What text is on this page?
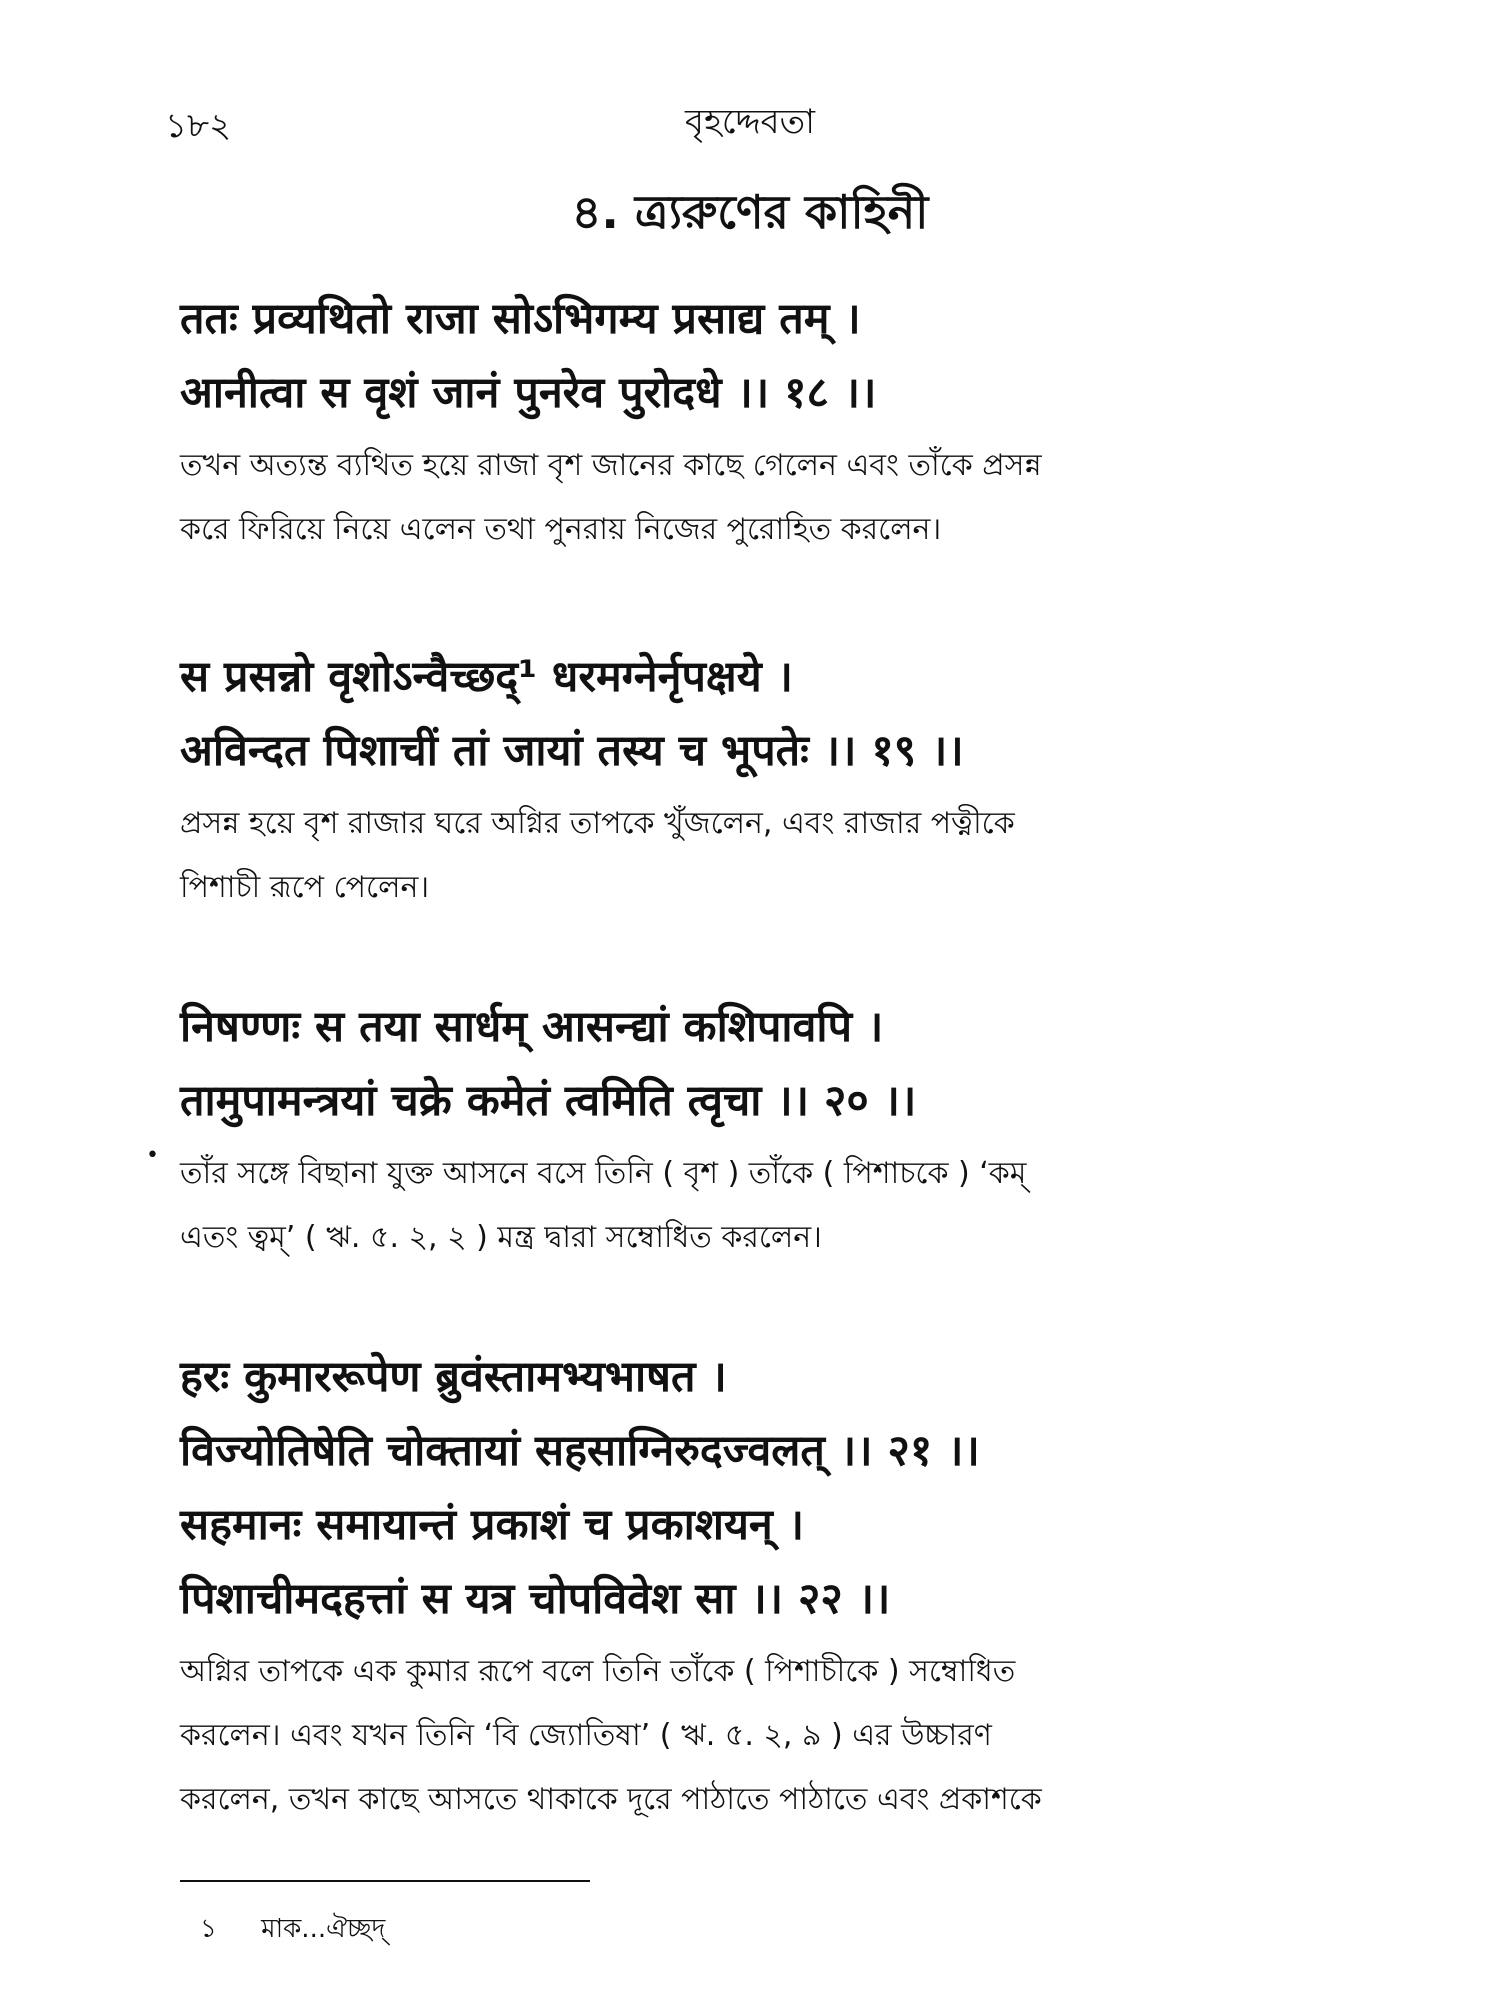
১৮২	বৃহদ্দেবতা
৪. ত্র্যরুণের কাহিনী
ततः प्रव्यथितो राजा सोऽभिगम्य प्रसाद्य तम् ।
आनीत्वा स वृशं जानं पुनरेव पुरोदधे ।। १८ ।।
তখন অত্যন্ত ব্যথিত হয়ে রাজা বৃশ জানের কাছে গেলেন এবং তাঁকে প্রসন্ন
করে ফিরিয়ে নিয়ে এলেন তথা পুনরায় নিজের পুরোহিত করলেন।
स प्रसन्नो वृशोऽन्वैच्छद्¹ धरमग्नेर्नृपक्षये ।
अविन्दत पिशाचीं तां जायां तस्य च भूपतेः ।। १९ ।।
প্রসন্ন হয়ে বৃশ রাজার ঘরে অগ্নির তাপকে খুঁজলেন, এবং রাজার পত্নীকে
পিশাচী রূপে পেলেন।
निषण्णः स तया सार्धम् आसन्द्यां कशिपावपि ।
तामुपामन्त्रयां चक्रे कमेतं त्वमिति त्वृचा ।। २० ।।
তাঁর সঙ্গে বিছানা যুক্ত আসনে বসে তিনি ( বৃশ ) তাঁকে ( পিশাচকে ) ‘কম্
এতং ত্বম্’ ( ঋ. ৫. ২, ২ ) মন্ত্র দ্বারা সম্বোধিত করলেন।
•
हरः कुमाररूपेण ब्रुवंस्तामभ्यभाषत ।
विज्योतिषेति चोक्तायां सहसाग्निरुदज्वलत् ।। २१ ।।
सहमानः समायान्तं प्रकाशं च प्रकाशयन् ।
पिशाचीमदहत्तां स यत्र चोपविवेश सा ।। २२ ।।
অগ্নির তাপকে এক কুমার রূপে বলে তিনি তাঁকে ( পিশাচীকে ) সম্বোধিত
করলেন। এবং যখন তিনি ‘বি জ্যোতিষা’ ( ঋ. ৫. ২, ৯ ) এর উচ্চারণ
করলেন, তখন কাছে আসতে থাকাকে দূরে পাঠাতে পাঠাতে এবং প্রকাশকে
১ মাক...ঐচ্ছদ্
